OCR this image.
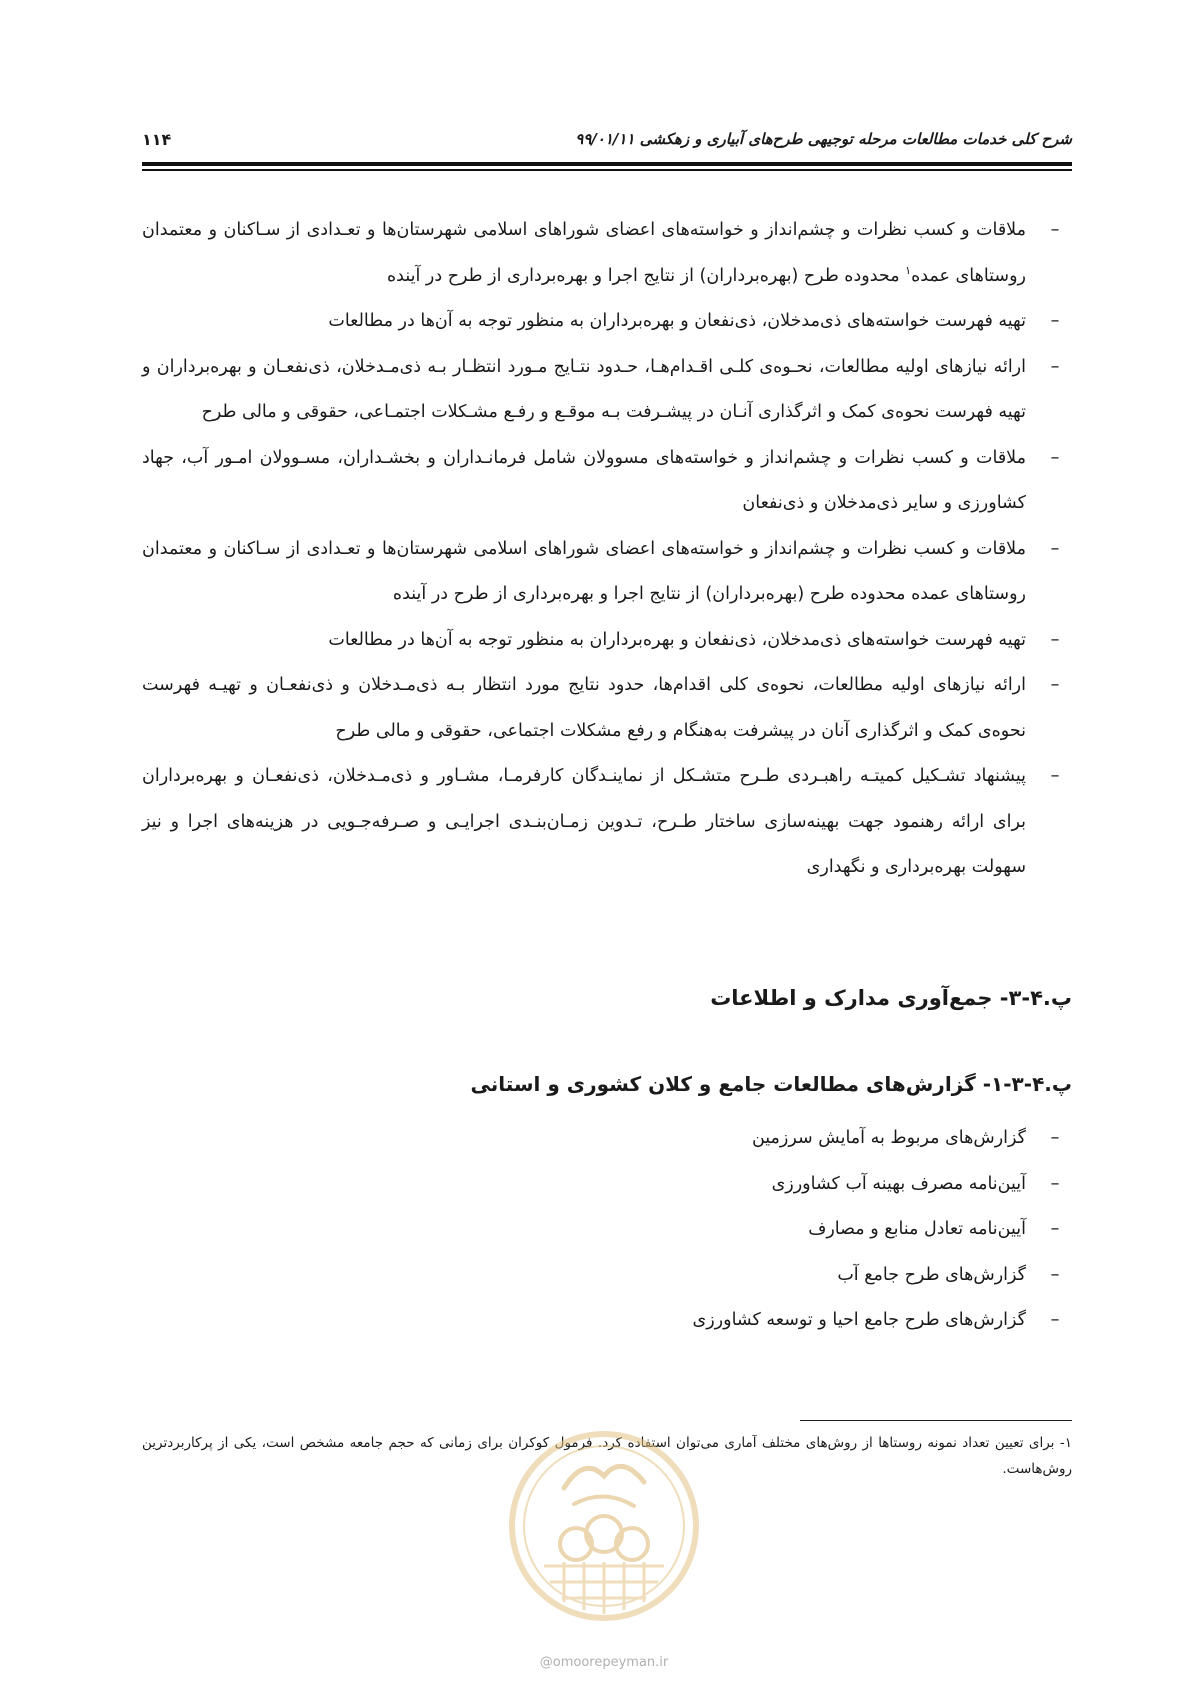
شرح کلی خدمات مطالعات مرحله توجیهی طرح‌های آبیاری و زهکشی ۹۹/۰۱/۱۱
۱۱۴
– ملاقات و کسب نظرات و چشم‌انداز و خواسته‌های اعضای شوراهای اسلامی شهرستان‌ها و تعـدادی از سـاکنان و معتمدان روستاهای عمده$^۱$ محدوده طرح (بهره‌برداران) از نتایج اجرا و بهره‌برداری از طرح در آینده
– تهیه فهرست خواسته‌های ذی‌مدخلان، ذی‌نفعان و بهره‌برداران به منظور توجه به آن‌ها در مطالعات
– ارائه نیازهای اولیه مطالعات، نحـوه‌ی کلـی اقـدام‌هـا، حـدود نتـایج مـورد انتظـار بـه ذی‌مـدخلان، ذی‌نفعـان و بهره‌برداران و تهیه فهرست نحوه‌ی کمک و اثرگذاری آنـان در پیشـرفت بـه موقـع و رفـع مشـکلات اجتمـاعی، حقوقی و مالی طرح
– ملاقات و کسب نظرات و چشم‌انداز و خواسته‌های مسوولان شامل فرمانـداران و بخشـداران، مسـوولان امـور آب، جهاد کشاورزی و سایر ذی‌مدخلان و ذی‌نفعان
– ملاقات و کسب نظرات و چشم‌انداز و خواسته‌های اعضای شوراهای اسلامی شهرستان‌ها و تعـدادی از سـاکنان و معتمدان روستاهای عمده محدوده طرح (بهره‌برداران) از نتایج اجرا و بهره‌برداری از طرح در آینده
– تهیه فهرست خواسته‌های ذی‌مدخلان، ذی‌نفعان و بهره‌برداران به منظور توجه به آن‌ها در مطالعات
– ارائه نیازهای اولیه مطالعات، نحوه‌ی کلی اقدام‌ها، حدود نتایج مورد انتظار بـه ذی‌مـدخلان و ذی‌نفعـان و تهیـه فهرست نحوه‌ی کمک و اثرگذاری آنان در پیشرفت به‌هنگام و رفع مشکلات اجتماعی، حقوقی و مالی طرح
– پیشنهاد تشـکیل کمیتـه راهبـردی طـرح متشـکل از نماینـدگان کارفرمـا، مشـاور و ذی‌مـدخلان، ذی‌نفعـان و بهره‌برداران برای ارائه رهنمود جهت بهینه‌سازی ساختار طـرح، تـدوین زمـان‌بنـدی اجرایـی و صـرفه‌جـویی در هزینه‌های اجرا و نیز سهولت بهره‌برداری و نگهداری
پ.۴-۳- جمع‌آوری مدارک و اطلاعات
پ.۴-۳-۱- گزارش‌های مطالعات جامع و کلان کشوری و استانی
– گزارش‌های مربوط به آمایش سرزمین
– آیین‌نامه مصرف بهینه آب کشاورزی
– آیین‌نامه تعادل منابع و مصارف
– گزارش‌های طرح جامع آب
– گزارش‌های طرح جامع احیا و توسعه کشاورزی
۱- برای تعیین تعداد نمونه روستاها از روش‌های مختلف آماری می‌توان استفاده کرد. فرمول کوکران برای زمانی که حجم جامعه مشخص است، یکی از پرکاربردترین روش‌هاست.
@omoorepeyman.ir
